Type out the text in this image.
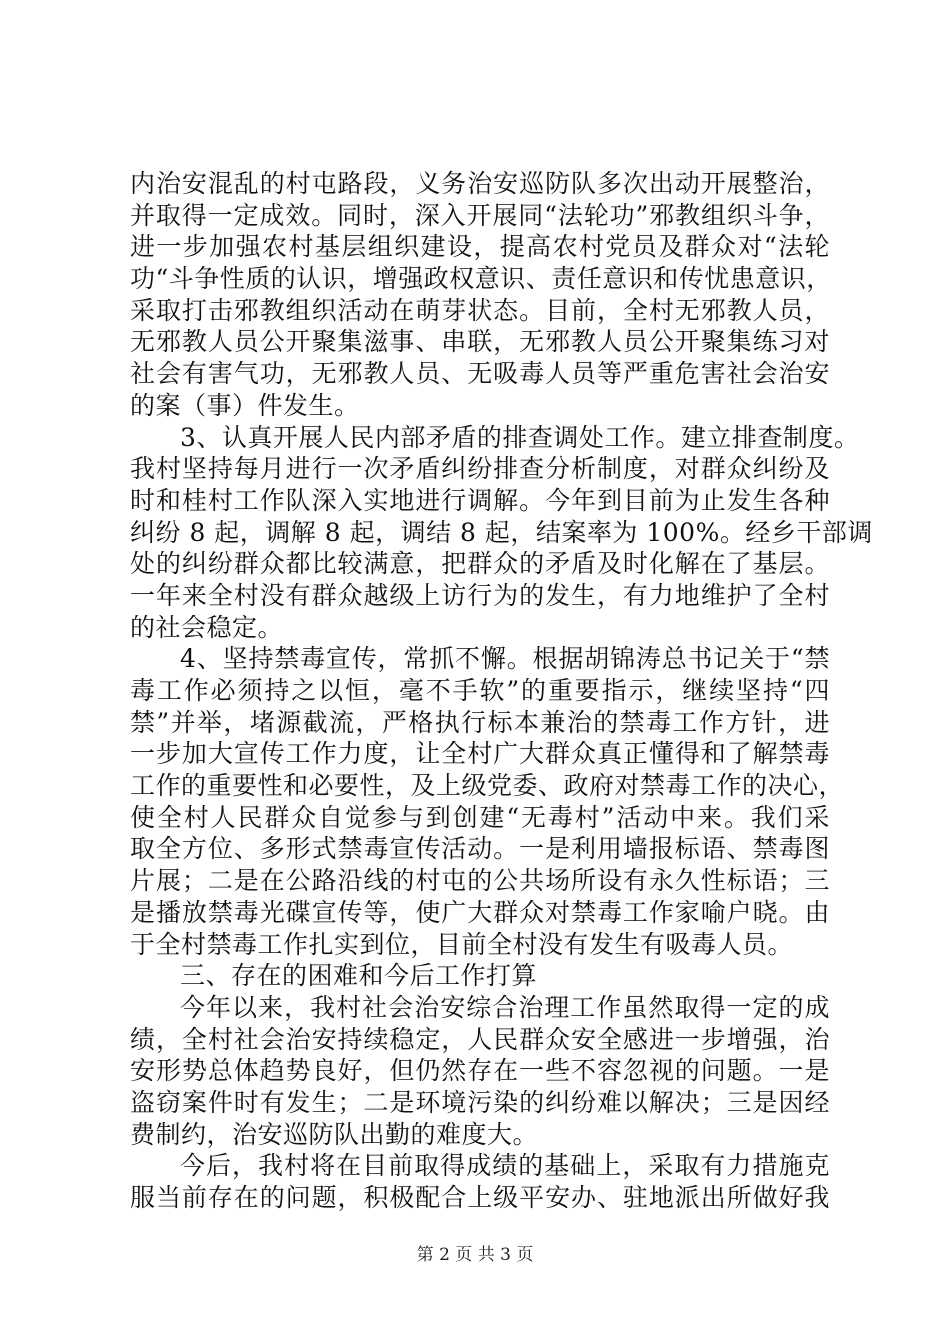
内治安混乱的村屯路段，义务治安巡防队多次出动开展整治，
并取得一定成效。同时，深入开展同“法轮功”邪教组织斗争，
进一步加强农村基层组织建设，提高农村党员及群众对“法轮
功“斗争性质的认识，增强政权意识、责任意识和传忧患意识，
采取打击邪教组织活动在萌芽状态。目前，全村无邪教人员，
无邪教人员公开聚集滋事、串联，无邪教人员公开聚集练习对
社会有害气功，无邪教人员、无吸毒人员等严重危害社会治安
的案（事）件发生。
3、认真开展人民内部矛盾的排查调处工作。建立排查制度。
我村坚持每月进行一次矛盾纠纷排查分析制度，对群众纠纷及
时和桂村工作队深入实地进行调解。今年到目前为止发生各种
纠纷 8 起，调解 8 起，调结 8 起，结案率为 100%。经乡干部调
处的纠纷群众都比较满意，把群众的矛盾及时化解在了基层。
一年来全村没有群众越级上访行为的发生，有力地维护了全村
的社会稳定。
4、坚持禁毒宣传，常抓不懈。根据胡锦涛总书记关于“禁
毒工作必须持之以恒，毫不手软”的重要指示，继续坚持“四
禁”并举，堵源截流，严格执行标本兼治的禁毒工作方针，进
一步加大宣传工作力度，让全村广大群众真正懂得和了解禁毒
工作的重要性和必要性，及上级党委、政府对禁毒工作的决心，
使全村人民群众自觉参与到创建“无毒村”活动中来。我们采
取全方位、多形式禁毒宣传活动。一是利用墙报标语、禁毒图
片展；二是在公路沿线的村屯的公共场所设有永久性标语；三
是播放禁毒光碟宣传等，使广大群众对禁毒工作家喻户晓。由
于全村禁毒工作扎实到位，目前全村没有发生有吸毒人员。
三、存在的困难和今后工作打算
今年以来，我村社会治安综合治理工作虽然取得一定的成
绩，全村社会治安持续稳定，人民群众安全感进一步增强，治
安形势总体趋势良好，但仍然存在一些不容忽视的问题。一是
盗窃案件时有发生；二是环境污染的纠纷难以解决；三是因经
费制约，治安巡防队出勤的难度大。
今后，我村将在目前取得成绩的基础上，采取有力措施克
服当前存在的问题，积极配合上级平安办、驻地派出所做好我
第 2 页 共 3 页
